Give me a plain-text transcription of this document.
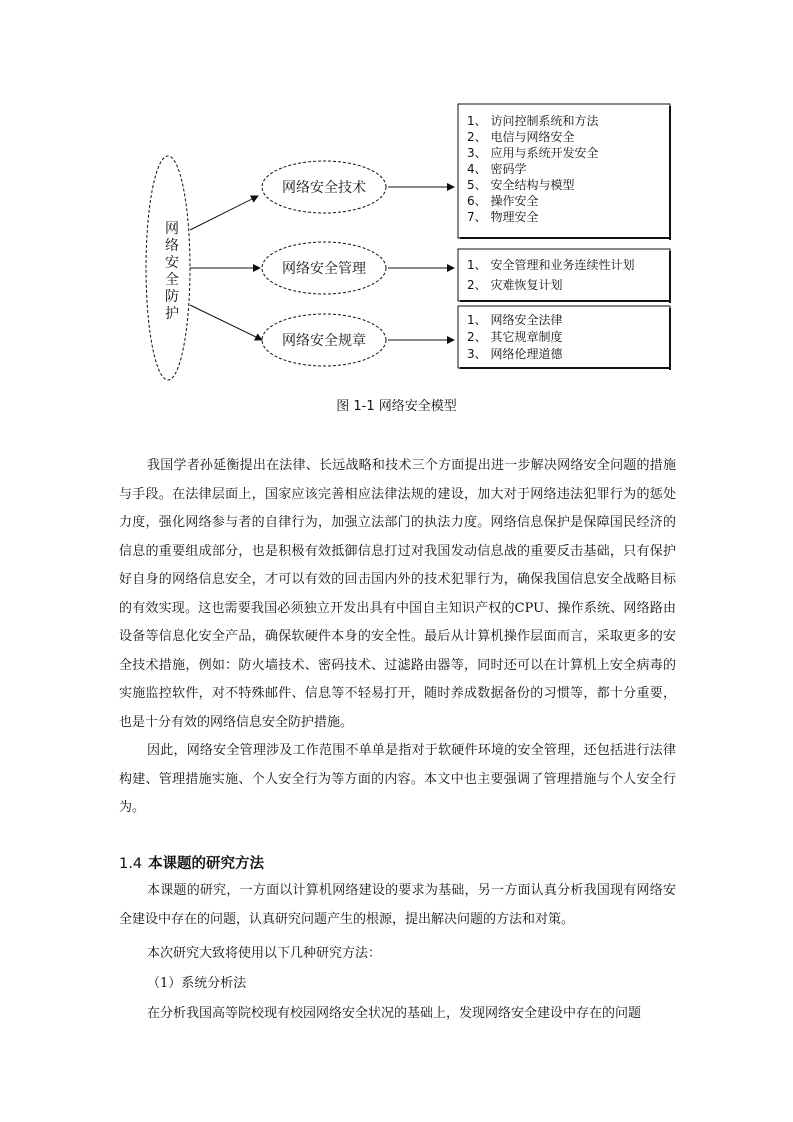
网
络
安
全
防
护
网络安全技术
网络安全管理
网络安全规章
1、 访问控制系统和方法
2、 电信与网络安全
3、 应用与系统开发安全
4、 密码学
5、 安全结构与模型
6、 操作安全
7、 物理安全
1、 安全管理和业务连续性计划
2、 灾难恢复计划
1、 网络安全法律
2、 其它规章制度
3、 网络伦理道德
图 1-1 网络安全模型

我国学者孙延衡提出在法律、长远战略和技术三个方面提出进一步解决网络安全问题的措施与手段。在法律层面上，国家应该完善相应法律法规的建设，加大对于网络违法犯罪行为的惩处力度，强化网络参与者的自律行为，加强立法部门的执法力度。网络信息保护是保障国民经济的信息的重要组成部分，也是积极有效抵御信息打过对我国发动信息战的重要反击基础，只有保护好自身的网络信息安全，才可以有效的回击国内外的技术犯罪行为，确保我国信息安全战略目标的有效实现。这也需要我国必须独立开发出具有中国自主知识产权的CPU、操作系统、网络路由设备等信息化安全产品，确保软硬件本身的安全性。最后从计算机操作层面而言，采取更多的安全技术措施，例如：防火墙技术、密码技术、过滤路由器等，同时还可以在计算机上安全病毒的实施监控软件，对不特殊邮件、信息等不轻易打开，随时养成数据备份的习惯等，都十分重要，也是十分有效的网络信息安全防护措施。

因此，网络安全管理涉及工作范围不单单是指对于软硬件环境的安全管理，还包括进行法律构建、管理措施实施、个人安全行为等方面的内容。本文中也主要强调了管理措施与个人安全行为。

1.4 本课题的研究方法

本课题的研究，一方面以计算机网络建设的要求为基础，另一方面认真分析我国现有网络安全建设中存在的问题，认真研究问题产生的根源，提出解决问题的方法和对策。

本次研究大致将使用以下几种研究方法：

（1）系统分析法

在分析我国高等院校现有校园网络安全状况的基础上，发现网络安全建设中存在的问题
